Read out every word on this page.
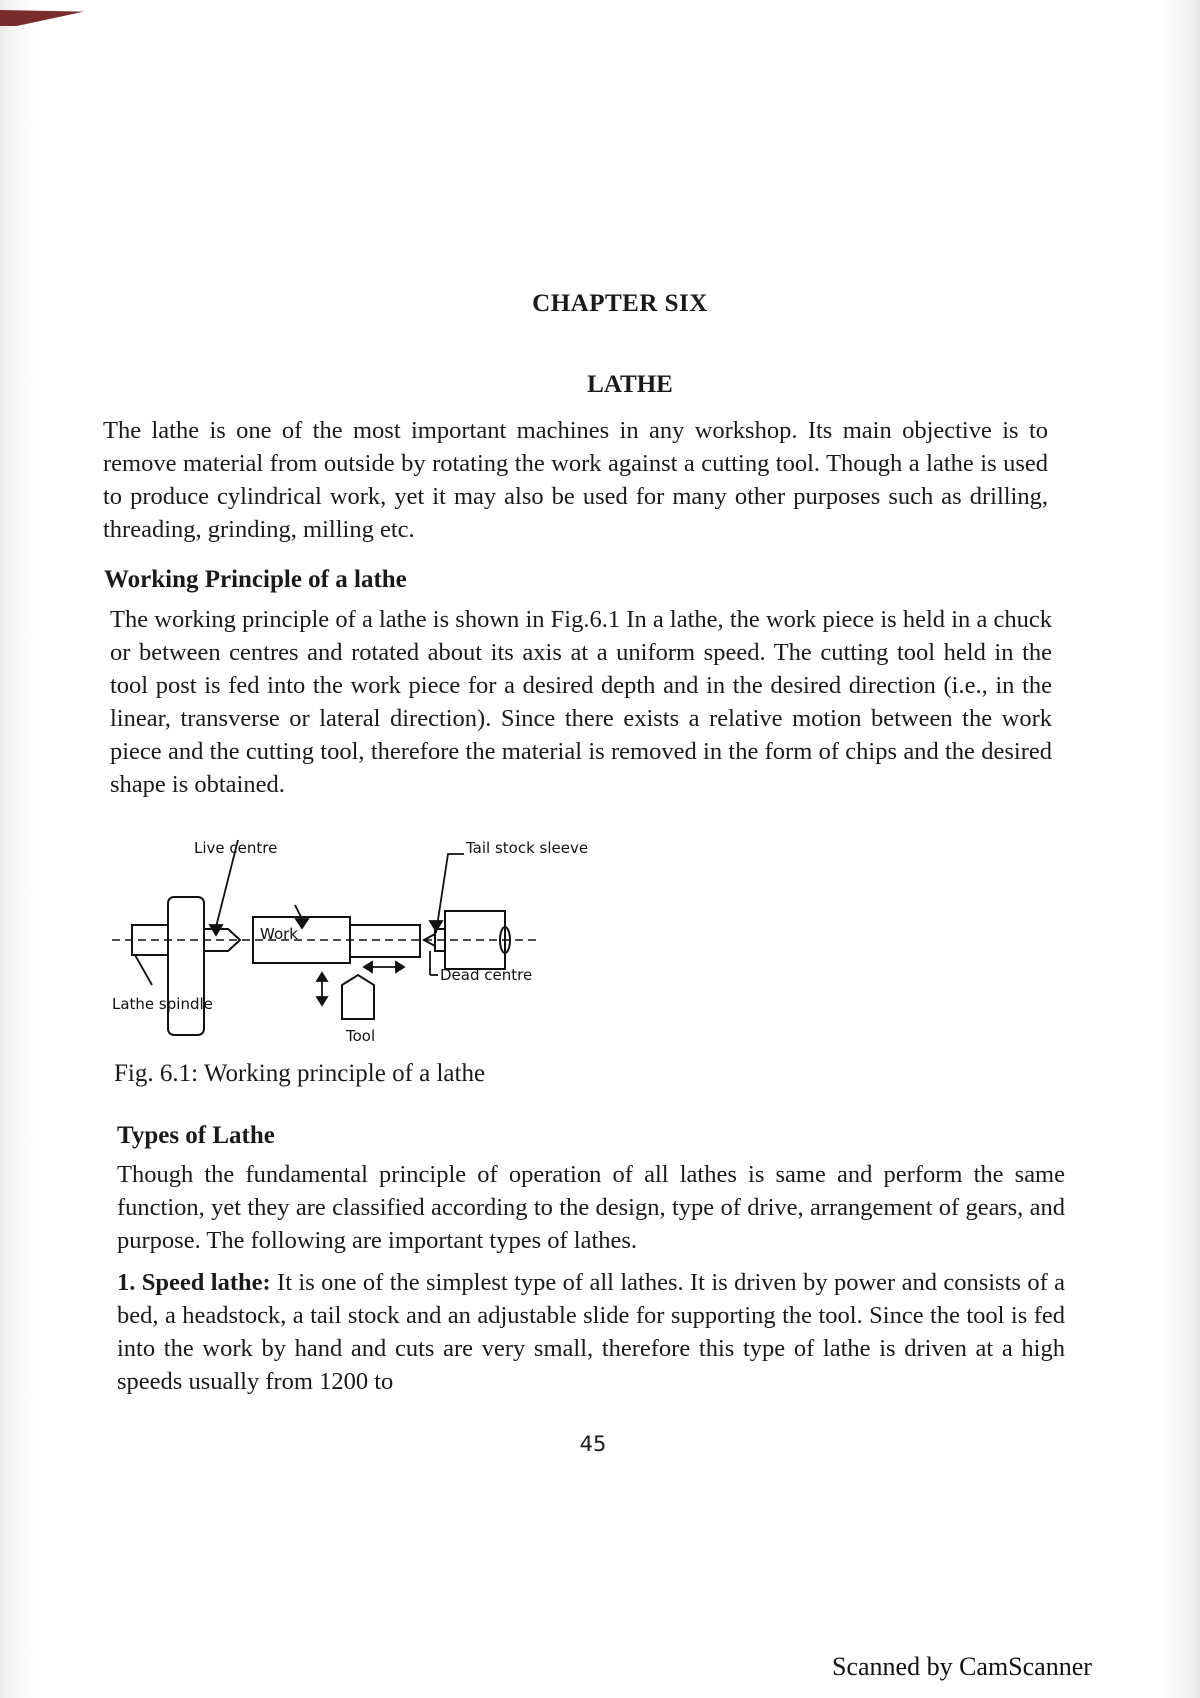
CHAPTER SIX
LATHE

The lathe is one of the most important machines in any workshop. Its main objective is to remove material from outside by rotating the work against a cutting tool. Though a lathe is used to produce cylindrical work, yet it may also be used for many other purposes such as drilling, threading, grinding, milling etc.

Working Principle of a lathe

The working principle of a lathe is shown in Fig.6.1 In a lathe, the work piece is held in a chuck or between centres and rotated about its axis at a uniform speed. The cutting tool held in the tool post is fed into the work piece for a desired depth and in the desired direction (i.e., in the linear, transverse or lateral direction). Since there exists a relative motion between the work piece and the cutting tool, therefore the material is removed in the form of chips and the desired shape is obtained.

Live centre	Tail stock sleeve
Work
Dead centre
Lathe spindle
Tool

Fig. 6.1: Working principle of a lathe

Types of Lathe

Though the fundamental principle of operation of all lathes is same and perform the same function, yet they are classified according to the design, type of drive, arrangement of gears, and purpose. The following are important types of lathes.

1. Speed lathe: It is one of the simplest type of all lathes. It is driven by power and consists of a bed, a headstock, a tail stock and an adjustable slide for supporting the tool. Since the tool is fed into the work by hand and cuts are very small, therefore this type of lathe is driven at a high speeds usually from 1200 to

45

Scanned by CamScanner
